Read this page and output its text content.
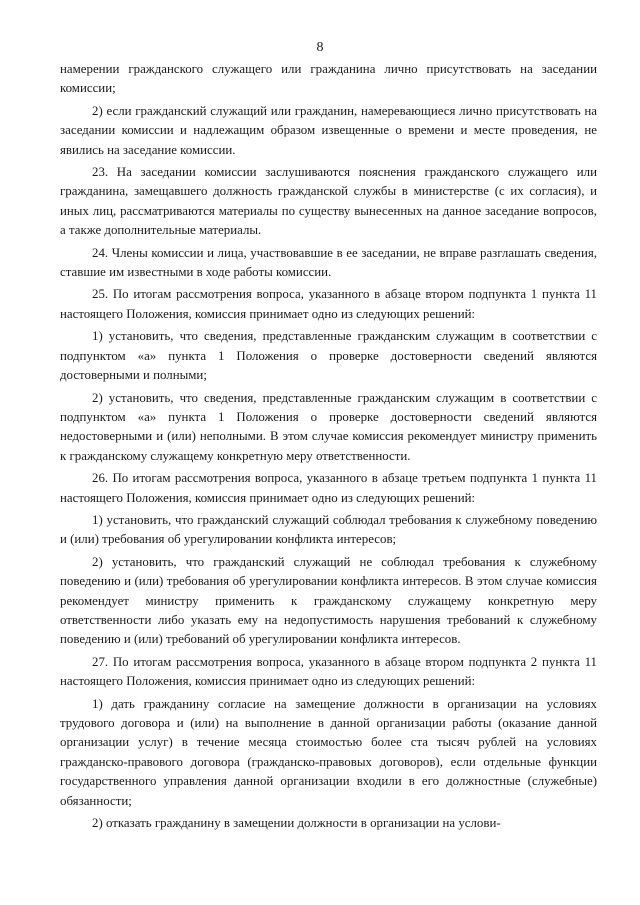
8

намерении гражданского служащего или гражданина лично присутствовать на заседании комиссии;

2) если гражданский служащий или гражданин, намеревающиеся лично присутствовать на заседании комиссии и надлежащим образом извещенные о времени и месте проведения, не явились на заседание комиссии.

23. На заседании комиссии заслушиваются пояснения гражданского служащего или гражданина, замещавшего должность гражданской службы в министерстве (с их согласия), и иных лиц, рассматриваются материалы по существу вынесенных на данное заседание вопросов, а также дополнительные материалы.

24. Члены комиссии и лица, участвовавшие в ее заседании, не вправе разглашать сведения, ставшие им известными в ходе работы комиссии.

25. По итогам рассмотрения вопроса, указанного в абзаце втором подпункта 1 пункта 11 настоящего Положения, комиссия принимает одно из следующих решений:

1) установить, что сведения, представленные гражданским служащим в соответствии с подпунктом «а» пункта 1 Положения о проверке достоверности сведений являются достоверными и полными;

2) установить, что сведения, представленные гражданским служащим в соответствии с подпунктом «а» пункта 1 Положения о проверке достоверности сведений являются недостоверными и (или) неполными. В этом случае комиссия рекомендует министру применить к гражданскому служащему конкретную меру ответственности.

26. По итогам рассмотрения вопроса, указанного в абзаце третьем подпункта 1 пункта 11 настоящего Положения, комиссия принимает одно из следующих решений:

1) установить, что гражданский служащий соблюдал требования к служебному поведению и (или) требования об урегулировании конфликта интересов;

2) установить, что гражданский служащий не соблюдал требования к служебному поведению и (или) требования об урегулировании конфликта интересов. В этом случае комиссия рекомендует министру применить к гражданскому служащему конкретную меру ответственности либо указать ему на недопустимость нарушения требований к служебному поведению и (или) требований об урегулировании конфликта интересов.

27. По итогам рассмотрения вопроса, указанного в абзаце втором подпункта 2 пункта 11 настоящего Положения, комиссия принимает одно из следующих решений:

1) дать гражданину согласие на замещение должности в организации на условиях трудового договора и (или) на выполнение в данной организации работы (оказание данной организации услуг) в течение месяца стоимостью более ста тысяч рублей на условиях гражданско-правового договора (гражданско-правовых договоров), если отдельные функции государственного управления данной организации входили в его должностные (служебные) обязанности;

2) отказать гражданину в замещении должности в организации на услови-
